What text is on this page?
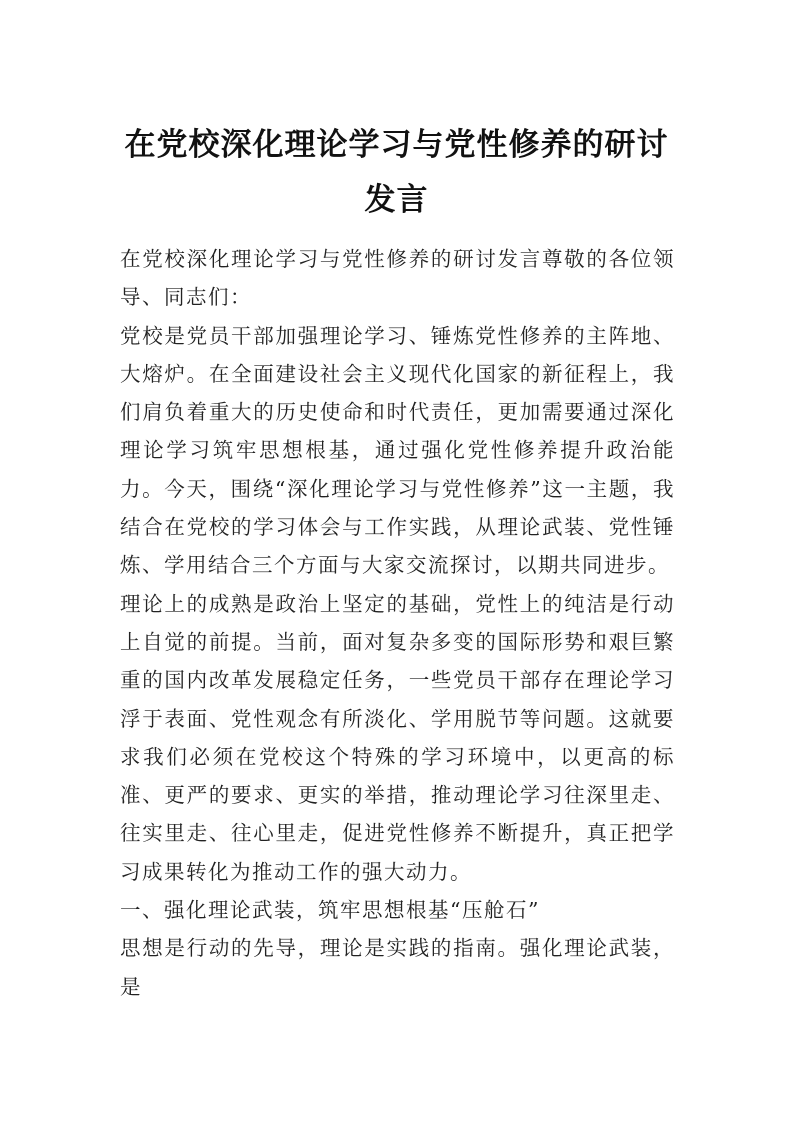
在党校深化理论学习与党性修养的研讨发言

在党校深化理论学习与党性修养的研讨发言尊敬的各位领导、同志们：

党校是党员干部加强理论学习、锤炼党性修养的主阵地、大熔炉。在全面建设社会主义现代化国家的新征程上，我们肩负着重大的历史使命和时代责任，更加需要通过深化理论学习筑牢思想根基，通过强化党性修养提升政治能力。今天，围绕“深化理论学习与党性修养”这一主题，我结合在党校的学习体会与工作实践，从理论武装、党性锤炼、学用结合三个方面与大家交流探讨，以期共同进步。

理论上的成熟是政治上坚定的基础，党性上的纯洁是行动上自觉的前提。当前，面对复杂多变的国际形势和艰巨繁重的国内改革发展稳定任务，一些党员干部存在理论学习浮于表面、党性观念有所淡化、学用脱节等问题。这就要求我们必须在党校这个特殊的学习环境中，以更高的标准、更严的要求、更实的举措，推动理论学习往深里走、往实里走、往心里走，促进党性修养不断提升，真正把学习成果转化为推动工作的强大动力。

一、强化理论武装，筑牢思想根基“压舱石”

思想是行动的先导，理论是实践的指南。强化理论武装，是
